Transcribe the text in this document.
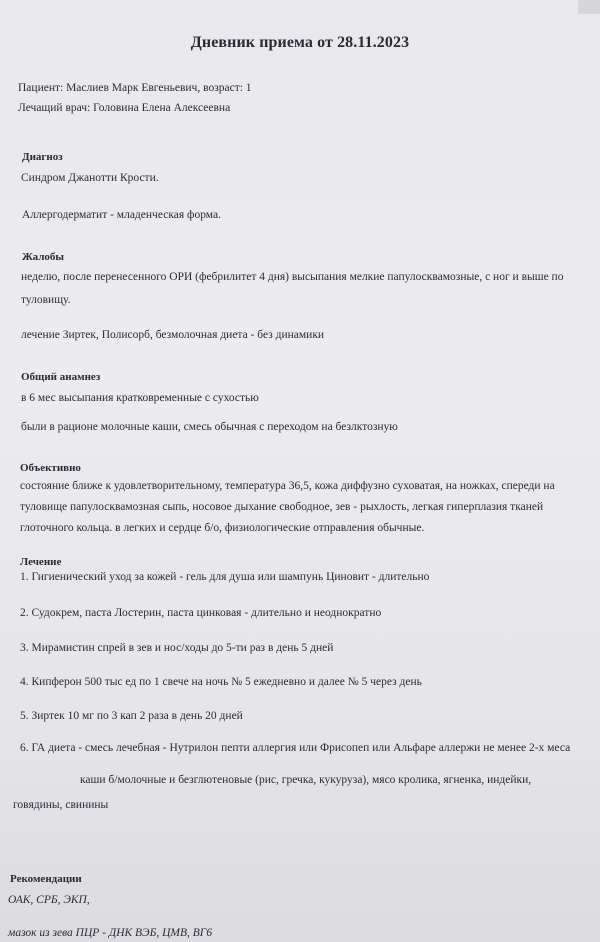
Дневник приема от 28.11.2023
Пациент: Маслиев Марк Евгеньевич, возраст: 1
Лечащий врач: Головина Елена Алексеевна
Диагноз
Синдром Джанотти Крости.
Аллергодерматит - младенческая форма.
Жалобы
неделю, после перенесенного ОРИ (фебрилитет 4 дня) высыпания мелкие папулосквамозные, с ног и выше по
туловищу.
лечение Зиртек, Полисорб, безмолочная диета - без динамики
Общий анамнез
в 6 мес высыпания кратковременные с сухостью
были в рационе молочные каши, смесь обычная с переходом на безлктозную
Объективно
состояние ближе к удовлетворительному, температура 36,5, кожа диффузно суховатая, на ножках, спереди на
туловище папулосквамозная сыпь, носовое дыхание свободное, зев - рыхлость, легкая гиперплазия тканей
глоточного кольца. в легких и сердце б/о, физиологические отправления обычные.
Лечение
1. Гигиенический уход за кожей - гель для душа или шампунь Циновит - длительно
2. Судокрем, паста Лостерин, паста цинковая - длительно и неоднократно
3. Мирамистин спрей в зев и нос/ходы до 5-ти раз в день 5 дней
4. Кипферон 500 тыс ед по 1 свече на ночь № 5 ежедневно и далее № 5 через день
5. Зиртек 10 мг по 3 кап 2 раза в день 20 дней
6. ГА диета - смесь лечебная - Нутрилон пепти аллергия или Фрисопеп или Альфаре аллержи не менее 2-х меса
каши б/молочные и безглютеновые (рис, гречка, кукуруза), мясо кролика, ягненка, индейки,
говядины, свинины
Рекомендации
ОАК, СРБ, ЭКП,
мазок из зева ПЦР - ДНК ВЭБ, ЦМВ, ВГ6
